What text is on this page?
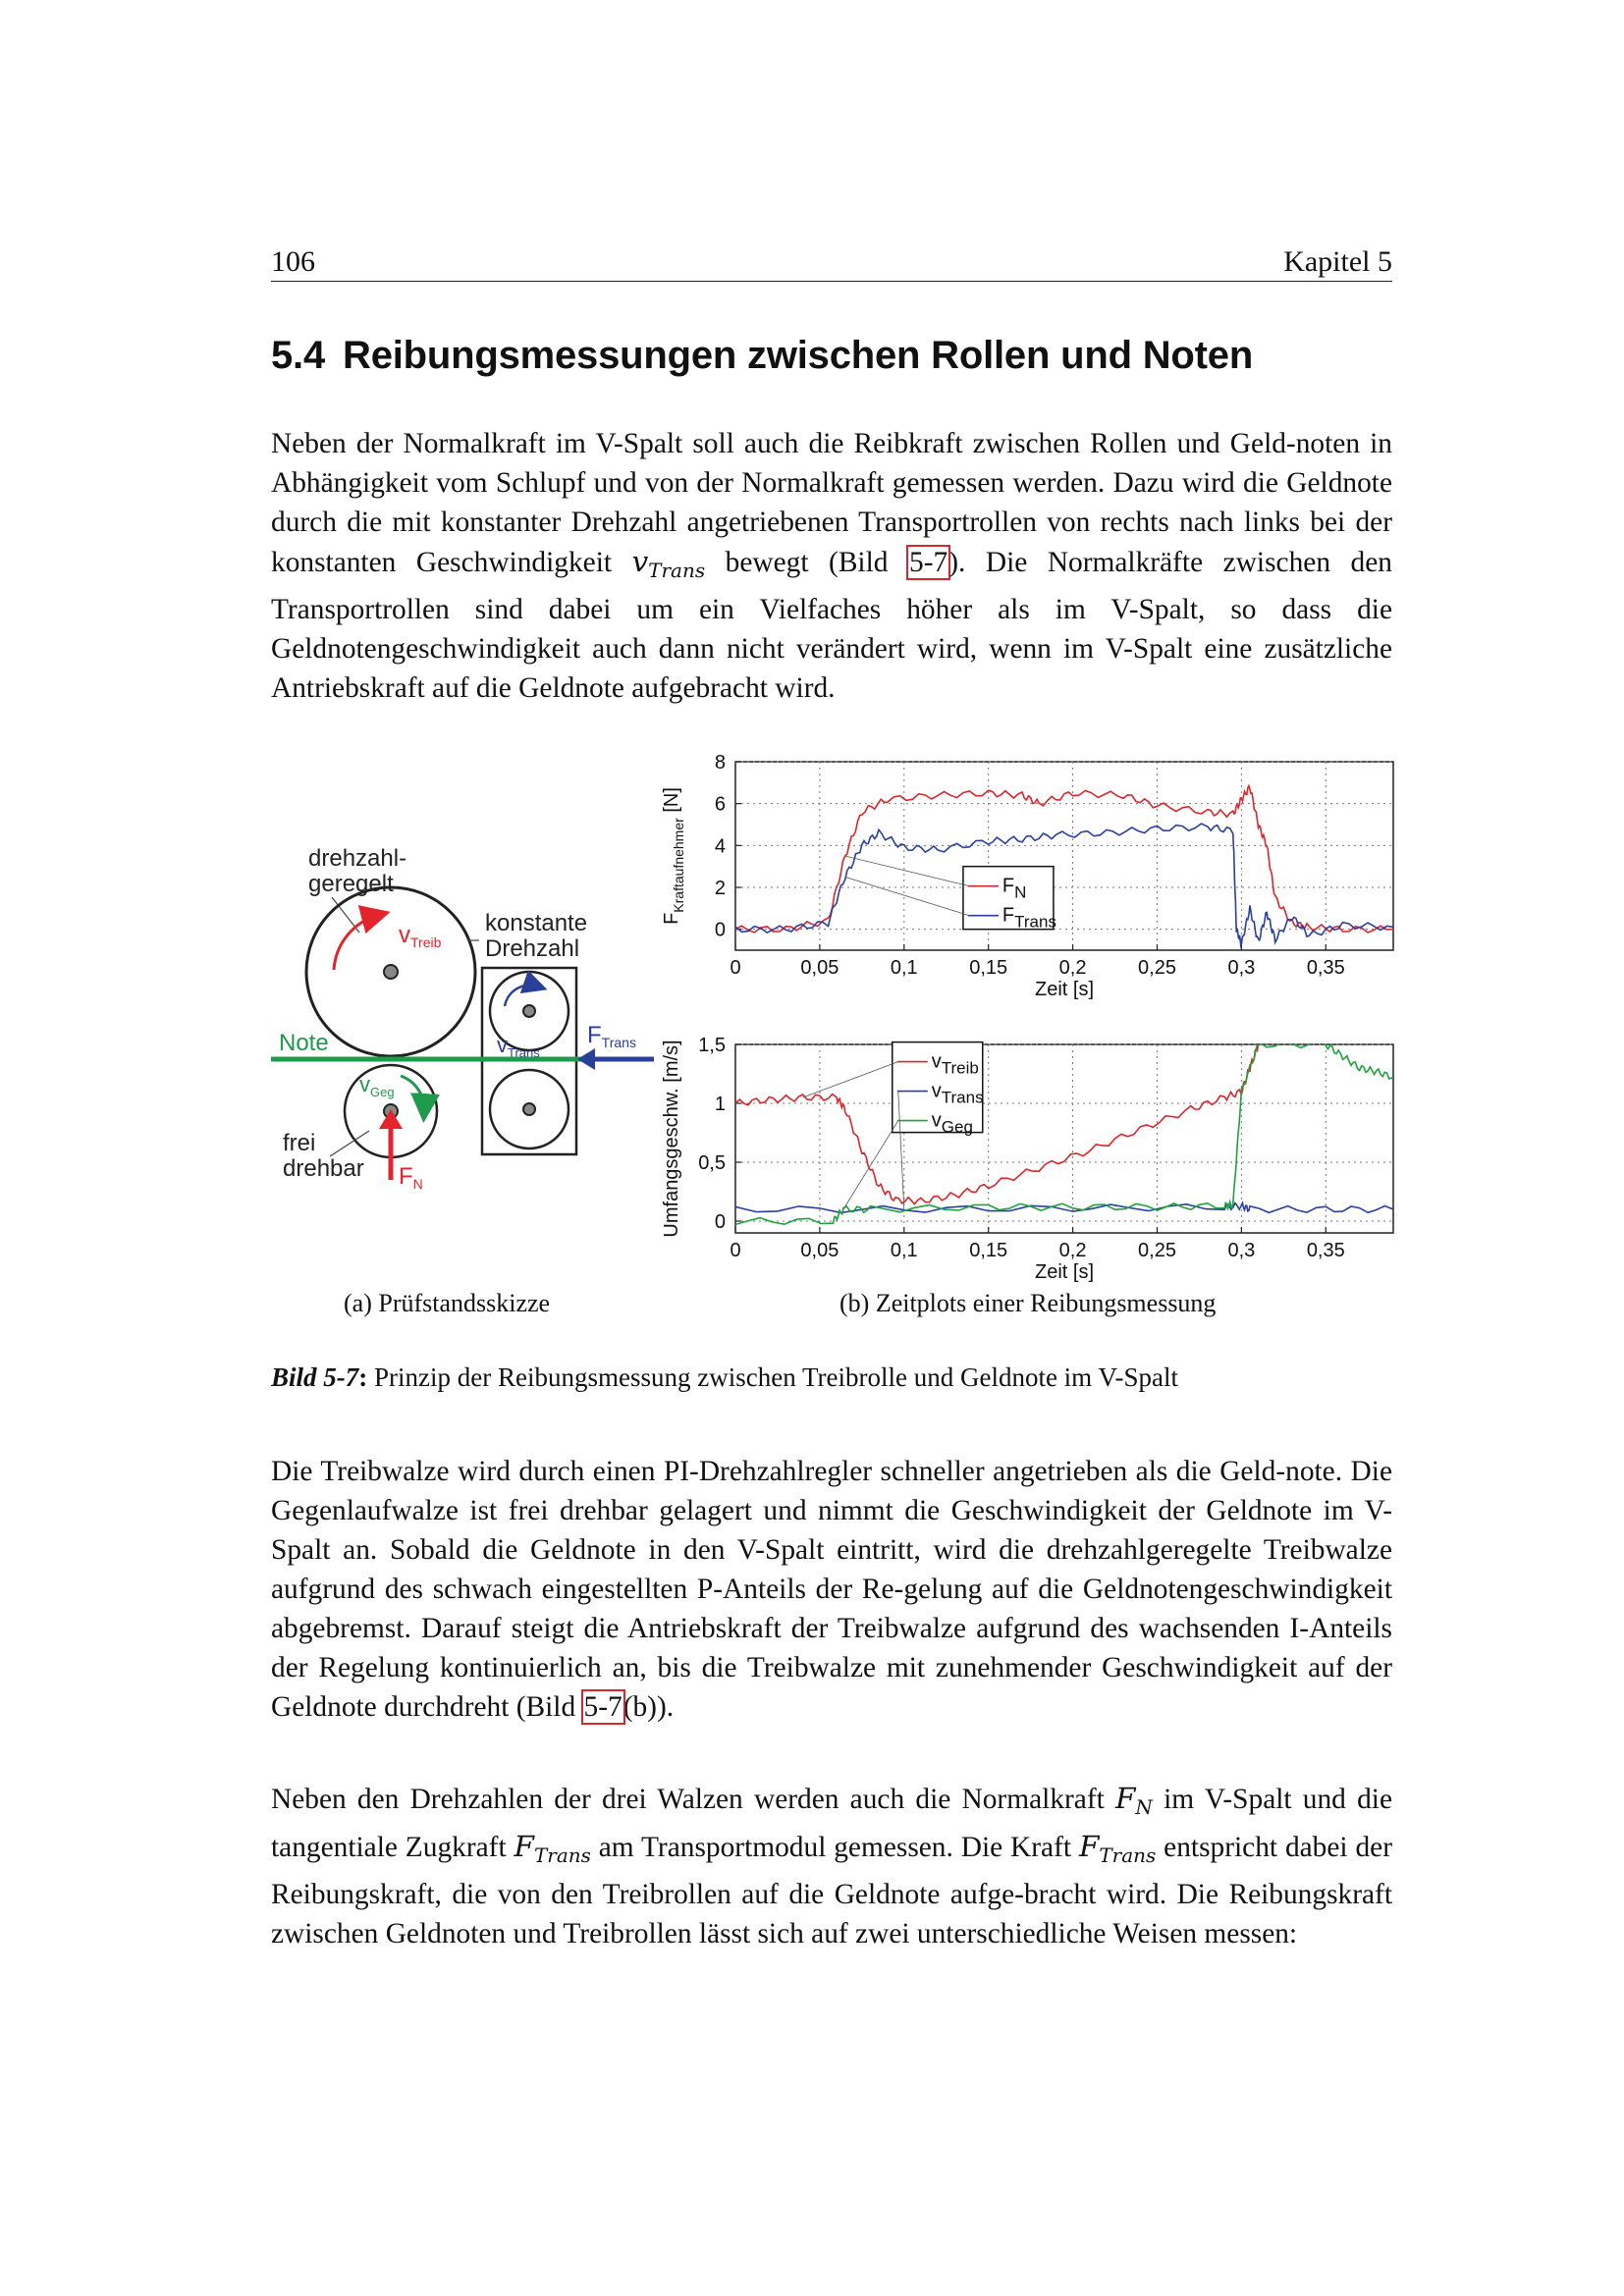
106	Kapitel 5
5.4 Reibungsmessungen zwischen Rollen und Noten

Neben der Normalkraft im V-Spalt soll auch die Reibkraft zwischen Rollen und Geld-noten in Abhängigkeit vom Schlupf und von der Normalkraft gemessen werden. Dazu wird die Geldnote durch die mit konstanter Drehzahl angetriebenen Transportrollen von rechts nach links bei der konstanten Geschwindigkeit $v_{Trans}$ bewegt (Bild 5-7). Die Normalkräfte zwischen den Transportrollen sind dabei um ein Vielfaches höher als im V-Spalt, so dass die Geldnotengeschwindigkeit auch dann nicht verändert wird, wenn im V-Spalt eine zusätzliche Antriebskraft auf die Geldnote aufgebracht wird.

drehzahl-
geregelt
$v_{Treib}$
konstante
Drehzahl
$v_{Trans}$
Note	$F_{Trans}$
$v_{Geg}$
$F_N$
frei
drehbar
0	0,05	0,1	0,15	0,2	0,25	0,3	0,35
0
2
4
6
8
Zeit [s]
$F_{Kraftaufnehmer}$ [N]
$F_N$
$F_{Trans}$
0	0,05	0,1	0,15	0,2	0,25	0,3	0,35
0
0,5
1
1,5
Zeit [s]
Umfangsgeschw. [m/s]	$v_{Treib}$
$v_{Trans}$
$v_{Geg}$
(a) Prüfstandsskizze	(b) Zeitplots einer Reibungsmessung
Bild 5-7: Prinzip der Reibungsmessung zwischen Treibrolle und Geldnote im V-Spalt

Die Treibwalze wird durch einen PI-Drehzahlregler schneller angetrieben als die Geld-note. Die Gegenlaufwalze ist frei drehbar gelagert und nimmt die Geschwindigkeit der Geldnote im V-Spalt an. Sobald die Geldnote in den V-Spalt eintritt, wird die drehzahlgeregelte Treibwalze aufgrund des schwach eingestellten P-Anteils der Re-gelung auf die Geldnotengeschwindigkeit abgebremst. Darauf steigt die Antriebskraft der Treibwalze aufgrund des wachsenden I-Anteils der Regelung kontinuierlich an, bis die Treibwalze mit zunehmender Geschwindigkeit auf der Geldnote durchdreht (Bild 5-7(b)).

Neben den Drehzahlen der drei Walzen werden auch die Normalkraft $F_N$ im V-Spalt und die tangentiale Zugkraft $F_{Trans}$ am Transportmodul gemessen. Die Kraft $F_{Trans}$ entspricht dabei der Reibungskraft, die von den Treibrollen auf die Geldnote aufge-bracht wird. Die Reibungskraft zwischen Geldnoten und Treibrollen lässt sich auf zwei unterschiedliche Weisen messen:
